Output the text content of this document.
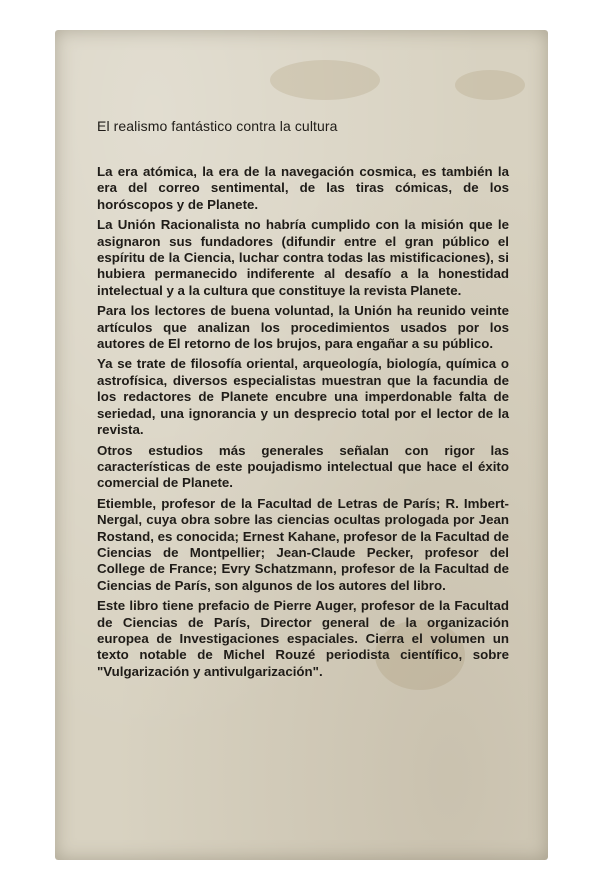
El realismo fantástico contra la cultura

La era atómica, la era de la navegación cosmica, es también la era del correo sentimental, de las tiras cómicas, de los horóscopos y de Planete.

La Unión Racionalista no habría cumplido con la misión que le asignaron sus fundadores (difundir entre el gran público el espíritu de la Ciencia, luchar contra todas las mistificaciones), si hubiera permanecido indiferente al desafío a la honestidad intelectual y a la cultura que constituye la revista Planete.

Para los lectores de buena voluntad, la Unión ha reunido veinte artículos que analizan los procedimientos usados por los autores de El retorno de los brujos, para engañar a su público.

Ya se trate de filosofía oriental, arqueología, biología, química o astrofísica, diversos especialistas muestran que la facundia de los redactores de Planete encubre una imperdonable falta de seriedad, una ignorancia y un desprecio total por el lector de la revista.

Otros estudios más generales señalan con rigor las características de este poujadismo intelectual que hace el éxito comercial de Planete.

Etiemble, profesor de la Facultad de Letras de París; R. Imbert-Nergal, cuya obra sobre las ciencias ocultas prologada por Jean Rostand, es conocida; Ernest Kahane, profesor de la Facultad de Ciencias de Montpellier; Jean-Claude Pecker, profesor del College de France; Evry Schatzmann, profesor de la Facultad de Ciencias de París, son algunos de los autores del libro.

Este libro tiene prefacio de Pierre Auger, profesor de la Facultad de Ciencias de París, Director general de la organización europea de Investigaciones espaciales. Cierra el volumen un texto notable de Michel Rouzé periodista científico, sobre "Vulgarización y antivulgarización".
